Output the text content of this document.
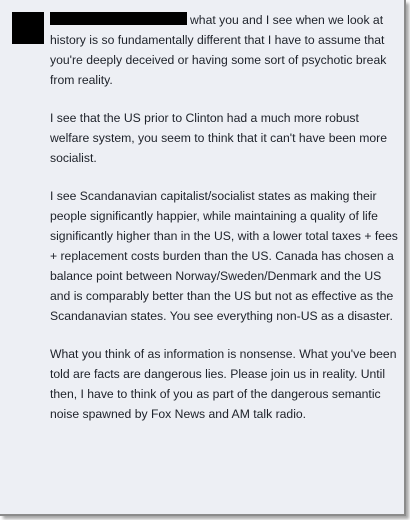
what you and I see when we look at history is so fundamentally different that I have to assume that you're deeply deceived or having some sort of psychotic break from reality.

I see that the US prior to Clinton had a much more robust welfare system, you seem to think that it can't have been more socialist.

I see Scandanavian capitalist/socialist states as making their people significantly happier, while maintaining a quality of life significantly higher than in the US, with a lower total taxes + fees + replacement costs burden than the US. Canada has chosen a balance point between Norway/Sweden/Denmark and the US and is comparably better than the US but not as effective as the Scandanavian states. You see everything non-US as a disaster.

What you think of as information is nonsense. What you've been told are facts are dangerous lies. Please join us in reality. Until then, I have to think of you as part of the dangerous semantic noise spawned by Fox News and AM talk radio.
